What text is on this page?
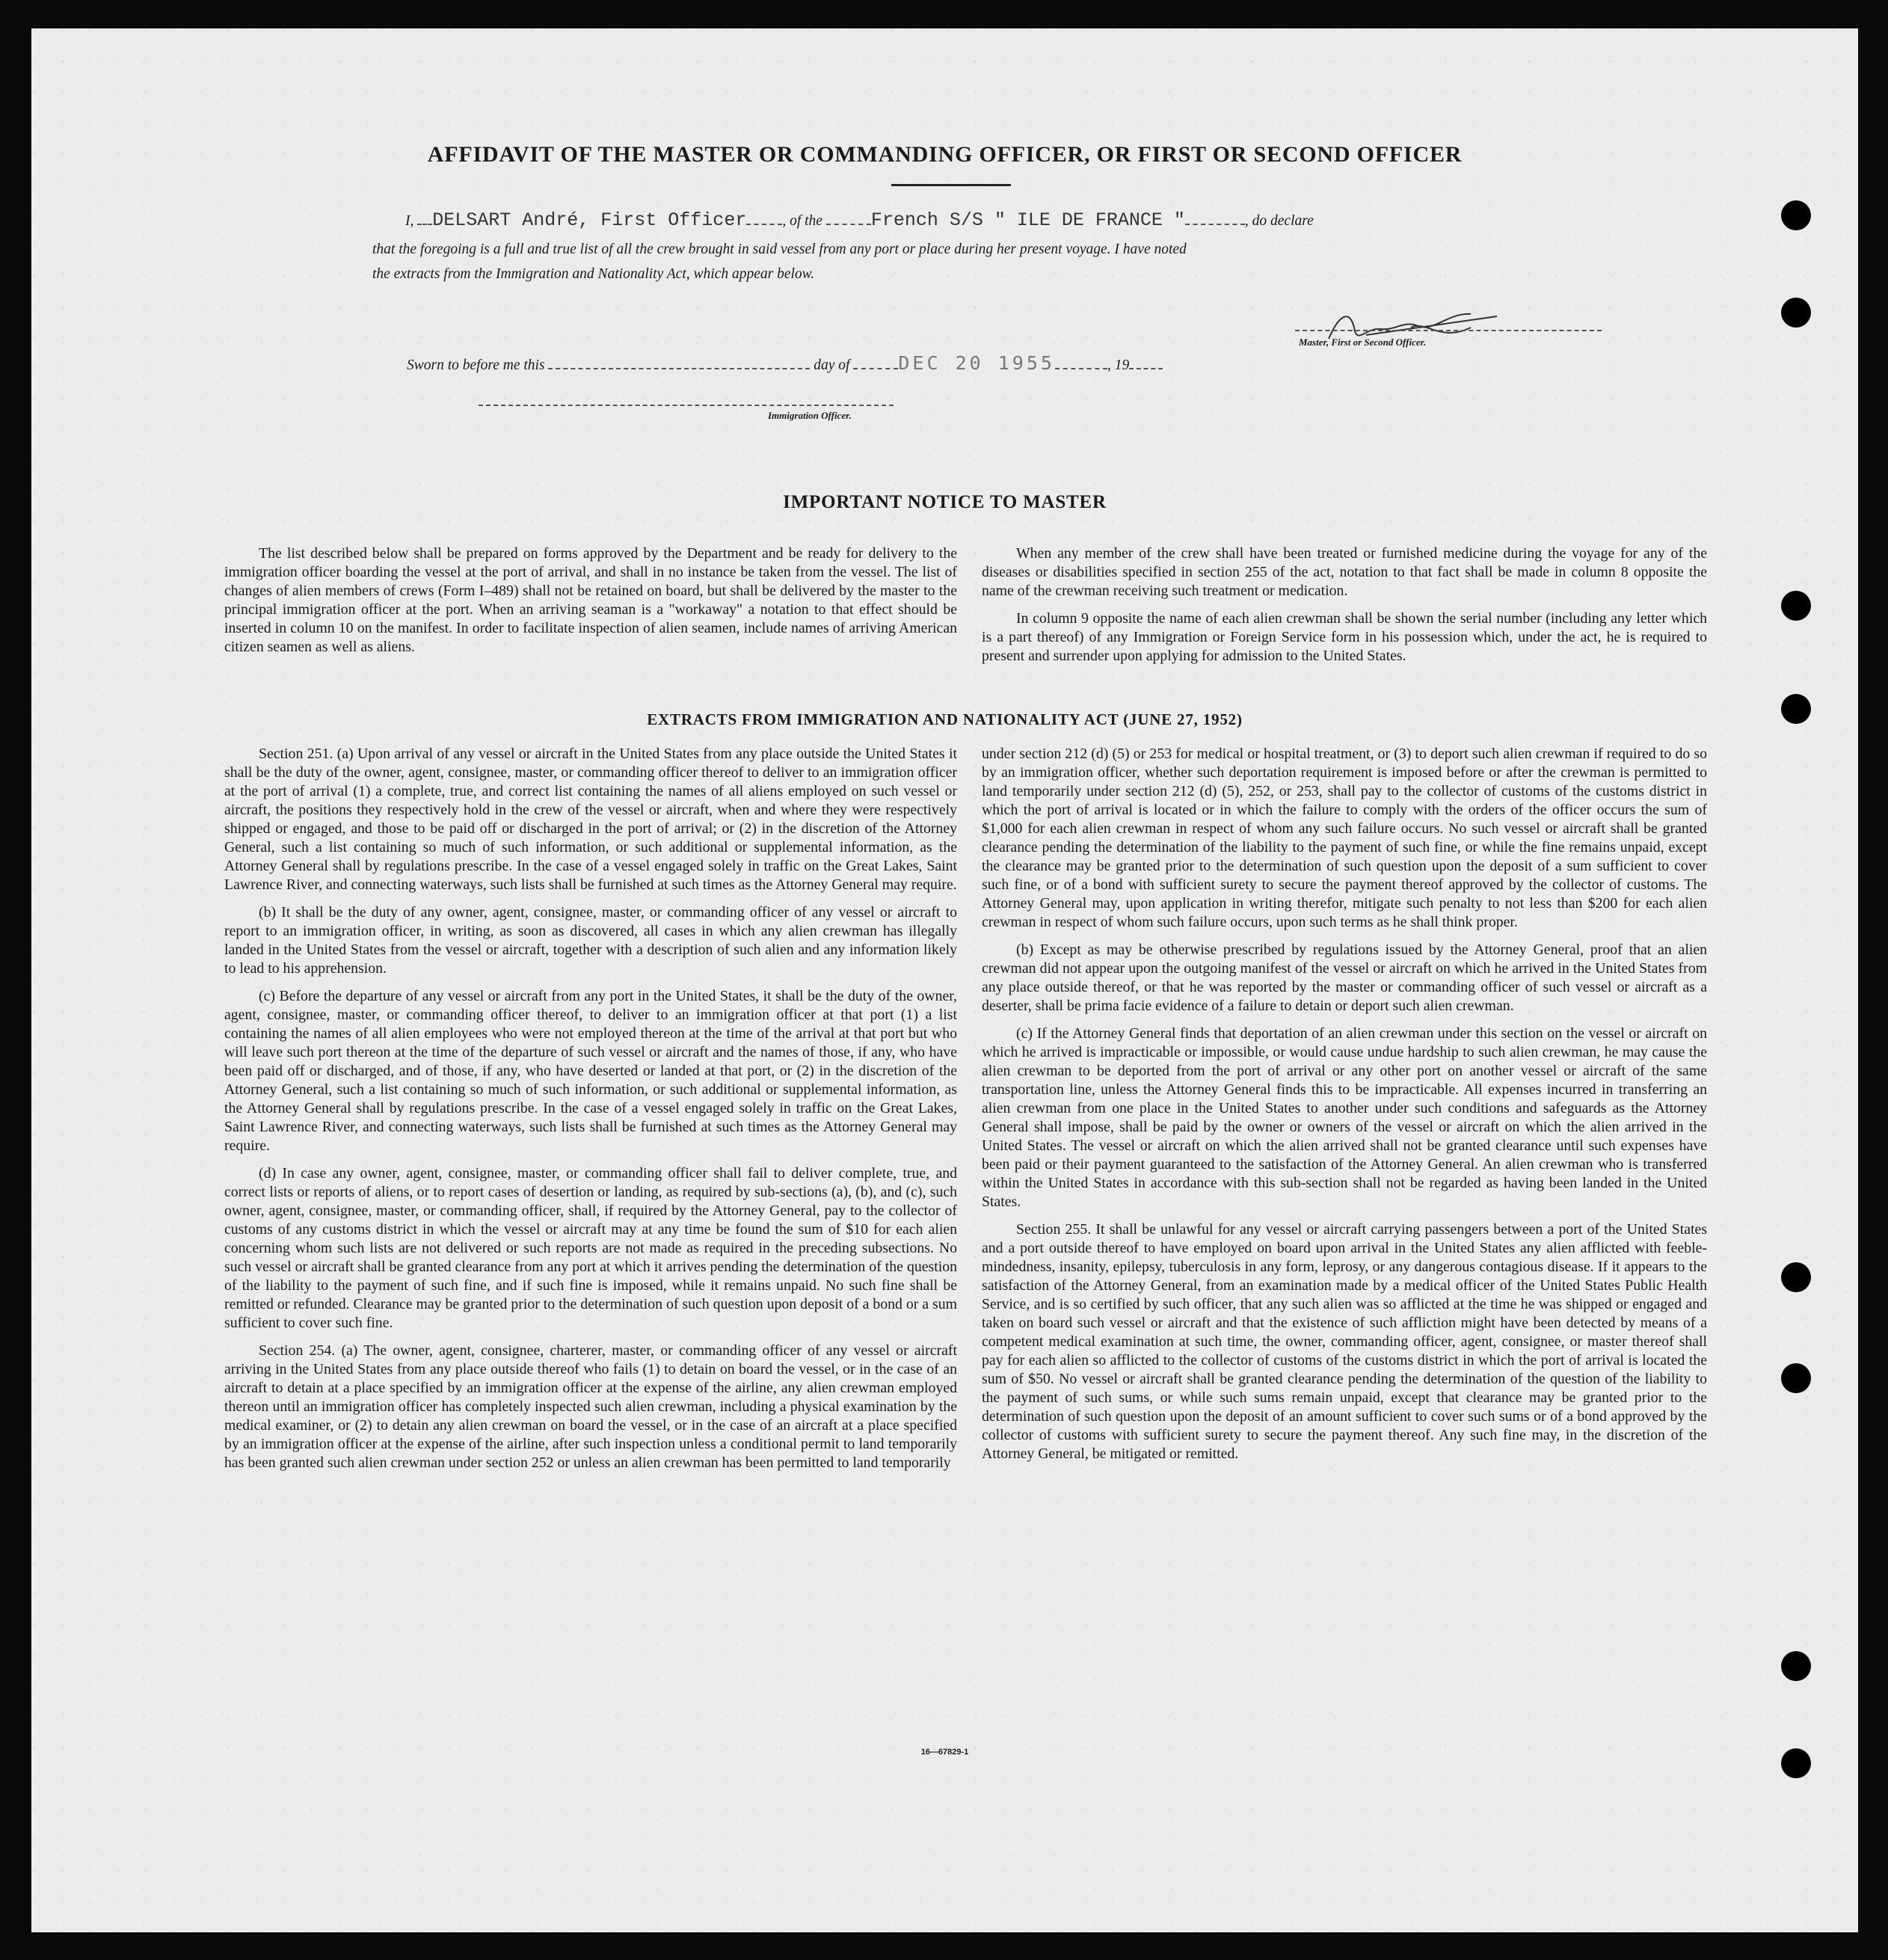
AFFIDAVIT OF THE MASTER OR COMMANDING OFFICER, OR FIRST OR SECOND OFFICER
I, DELSART André, First Officer , of the	French S/S " ILE DE FRANCE "	, do declare
that the foregoing is a full and true list of all the crew brought in said vessel from any port or place during her present voyage. I have noted
the extracts from the Immigration and Nationality Act, which appear below.
Master, First or Second Officer.
Sworn to before me this	day of	DEC 20 1955	, 19
Immigration Officer.
IMPORTANT NOTICE TO MASTER

The list described below shall be prepared on forms approved by the Department and be ready for delivery to the immigration officer boarding the vessel at the port of arrival, and shall in no instance be taken from the vessel. The list of changes of alien members of crews (Form I–489) shall not be retained on board, but shall be delivered by the master to the principal immigration officer at the port. When an arriving seaman is a "workaway" a notation to that effect should be inserted in column 10 on the manifest. In order to facilitate inspection of alien seamen, include names of arriving American citizen seamen as well as aliens.

When any member of the crew shall have been treated or furnished medicine during the voyage for any of the diseases or disabilities specified in section 255 of the act, notation to that fact shall be made in column 8 opposite the name of the crewman receiving such treatment or medication.

In column 9 opposite the name of each alien crewman shall be shown the serial number (including any letter which is a part thereof) of any Immigration or Foreign Service form in his possession which, under the act, he is required to present and surrender upon applying for admission to the United States.

EXTRACTS FROM IMMIGRATION AND NATIONALITY ACT (JUNE 27, 1952)

Section 251. (a) Upon arrival of any vessel or aircraft in the United States from any place outside the United States it shall be the duty of the owner, agent, consignee, master, or commanding officer thereof to deliver to an immigration officer at the port of arrival (1) a complete, true, and correct list containing the names of all aliens employed on such vessel or aircraft, the positions they respectively hold in the crew of the vessel or aircraft, when and where they were respectively shipped or engaged, and those to be paid off or discharged in the port of arrival; or (2) in the discretion of the Attorney General, such a list containing so much of such information, or such additional or supplemental information, as the Attorney General shall by regulations prescribe. In the case of a vessel engaged solely in traffic on the Great Lakes, Saint Lawrence River, and connecting waterways, such lists shall be furnished at such times as the Attorney General may require.

(b) It shall be the duty of any owner, agent, consignee, master, or commanding officer of any vessel or aircraft to report to an immigration officer, in writing, as soon as discovered, all cases in which any alien crewman has illegally landed in the United States from the vessel or aircraft, together with a description of such alien and any information likely to lead to his apprehension.

(c) Before the departure of any vessel or aircraft from any port in the United States, it shall be the duty of the owner, agent, consignee, master, or commanding officer thereof, to deliver to an immigration officer at that port (1) a list containing the names of all alien employees who were not employed thereon at the time of the arrival at that port but who will leave such port thereon at the time of the departure of such vessel or aircraft and the names of those, if any, who have been paid off or discharged, and of those, if any, who have deserted or landed at that port, or (2) in the discretion of the Attorney General, such a list containing so much of such information, or such additional or supplemental information, as the Attorney General shall by regulations prescribe. In the case of a vessel engaged solely in traffic on the Great Lakes, Saint Lawrence River, and connecting waterways, such lists shall be furnished at such times as the Attorney General may require.

(d) In case any owner, agent, consignee, master, or commanding officer shall fail to deliver complete, true, and correct lists or reports of aliens, or to report cases of desertion or landing, as required by sub-sections (a), (b), and (c), such owner, agent, consignee, master, or commanding officer, shall, if required by the Attorney General, pay to the collector of customs of any customs district in which the vessel or aircraft may at any time be found the sum of $10 for each alien concerning whom such lists are not delivered or such reports are not made as required in the preceding subsections. No such vessel or aircraft shall be granted clearance from any port at which it arrives pending the determination of the question of the liability to the payment of such fine, and if such fine is imposed, while it remains unpaid. No such fine shall be remitted or refunded. Clearance may be granted prior to the determination of such question upon deposit of a bond or a sum sufficient to cover such fine.

Section 254. (a) The owner, agent, consignee, charterer, master, or commanding officer of any vessel or aircraft arriving in the United States from any place outside thereof who fails (1) to detain on board the vessel, or in the case of an aircraft to detain at a place specified by an immigration officer at the expense of the airline, any alien crewman employed thereon until an immigration officer has completely inspected such alien crewman, including a physical examination by the medical examiner, or (2) to detain any alien crewman on board the vessel, or in the case of an aircraft at a place specified by an immigration officer at the expense of the airline, after such inspection unless a conditional permit to land temporarily has been granted such alien crewman under section 252 or unless an alien crewman has been permitted to land temporarily

under section 212 (d) (5) or 253 for medical or hospital treatment, or (3) to deport such alien crewman if required to do so by an immigration officer, whether such deportation requirement is imposed before or after the crewman is permitted to land temporarily under section 212 (d) (5), 252, or 253, shall pay to the collector of customs of the customs district in which the port of arrival is located or in which the failure to comply with the orders of the officer occurs the sum of $1,000 for each alien crewman in respect of whom any such failure occurs. No such vessel or aircraft shall be granted clearance pending the determination of the liability to the payment of such fine, or while the fine remains unpaid, except the clearance may be granted prior to the determination of such question upon the deposit of a sum sufficient to cover such fine, or of a bond with sufficient surety to secure the payment thereof approved by the collector of customs. The Attorney General may, upon application in writing therefor, mitigate such penalty to not less than $200 for each alien crewman in respect of whom such failure occurs, upon such terms as he shall think proper.

(b) Except as may be otherwise prescribed by regulations issued by the Attorney General, proof that an alien crewman did not appear upon the outgoing manifest of the vessel or aircraft on which he arrived in the United States from any place outside thereof, or that he was reported by the master or commanding officer of such vessel or aircraft as a deserter, shall be prima facie evidence of a failure to detain or deport such alien crewman.

(c) If the Attorney General finds that deportation of an alien crewman under this section on the vessel or aircraft on which he arrived is impracticable or impossible, or would cause undue hardship to such alien crewman, he may cause the alien crewman to be deported from the port of arrival or any other port on another vessel or aircraft of the same transportation line, unless the Attorney General finds this to be impracticable. All expenses incurred in transferring an alien crewman from one place in the United States to another under such conditions and safeguards as the Attorney General shall impose, shall be paid by the owner or owners of the vessel or aircraft on which the alien arrived in the United States. The vessel or aircraft on which the alien arrived shall not be granted clearance until such expenses have been paid or their payment guaranteed to the satisfaction of the Attorney General. An alien crewman who is transferred within the United States in accordance with this sub-section shall not be regarded as having been landed in the United States.

Section 255. It shall be unlawful for any vessel or aircraft carrying passengers between a port of the United States and a port outside thereof to have employed on board upon arrival in the United States any alien afflicted with feeble-mindedness, insanity, epilepsy, tuberculosis in any form, leprosy, or any dangerous contagious disease. If it appears to the satisfaction of the Attorney General, from an examination made by a medical officer of the United States Public Health Service, and is so certified by such officer, that any such alien was so afflicted at the time he was shipped or engaged and taken on board such vessel or aircraft and that the existence of such affliction might have been detected by means of a competent medical examination at such time, the owner, commanding officer, agent, consignee, or master thereof shall pay for each alien so afflicted to the collector of customs of the customs district in which the port of arrival is located the sum of $50. No vessel or aircraft shall be granted clearance pending the determination of the question of the liability to the payment of such sums, or while such sums remain unpaid, except that clearance may be granted prior to the determination of such question upon the deposit of an amount sufficient to cover such sums or of a bond approved by the collector of customs with sufficient surety to secure the payment thereof. Any such fine may, in the discretion of the Attorney General, be mitigated or remitted.

16—67829-1
